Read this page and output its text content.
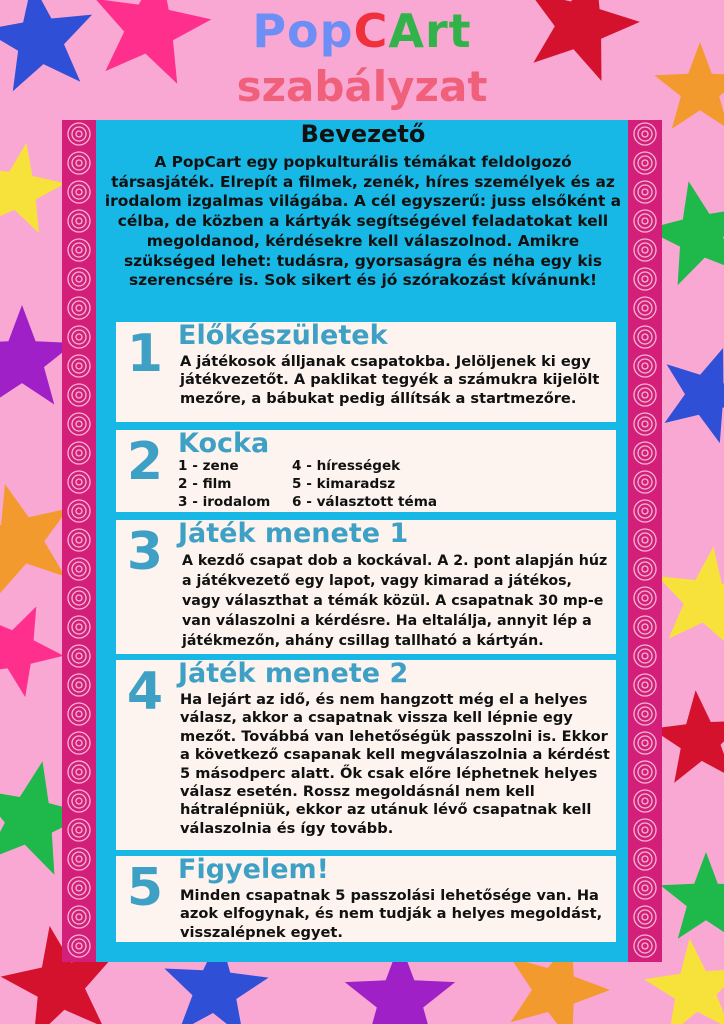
PopCArt
szabályzat
Bevezető

A PopCart egy popkulturális témákat feldolgozó társasjáték. Elrepít a filmek, zenék, híres személyek és az irodalom izgalmas világába. A cél egyszerű: juss elsőként a célba, de közben a kártyák segítségével feladatokat kell megoldanod, kérdésekre kell válaszolnod. Amikre szükséged lehet: tudásra, gyorsaságra és néha egy kis szerencsére is. Sok sikert és jó szórakozást kívánunk!

1 Előkészületek

A játékosok álljanak csapatokba. Jelöljenek ki egy játékvezetőt. A paklikat tegyék a számukra kijelölt mezőre, a bábukat pedig állítsák a startmezőre.

2 Kocka
1 - zene
2 - film
3 - irodalom
4 - hírességek
5 - kimaradsz
6 - választott téma
3 Játék menete 1

A kezdő csapat dob a kockával. A 2. pont alapján húz a játékvezető egy lapot, vagy kimarad a játékos, vagy választhat a témák közül. A csapatnak 30 mp-e van válaszolni a kérdésre. Ha eltalálja, annyit lép a játékmezőn, ahány csillag tallható a kártyán.

4 Játék menete 2

Ha lejárt az idő, és nem hangzott még el a helyes válasz, akkor a csapatnak vissza kell lépnie egy mezőt. Továbbá van lehetőségük passzolni is. Ekkor a következő csapanak kell megválaszolnia a kérdést 5 másodperc alatt. Ők csak előre léphetnek helyes válasz esetén. Rossz megoldásnál nem kell hátralépniük, ekkor az utánuk lévő csapatnak kell válaszolnia és így tovább.

5 Figyelem!

Minden csapatnak 5 passzolási lehetősége van. Ha azok elfogynak, és nem tudják a helyes megoldást, visszalépnek egyet.
